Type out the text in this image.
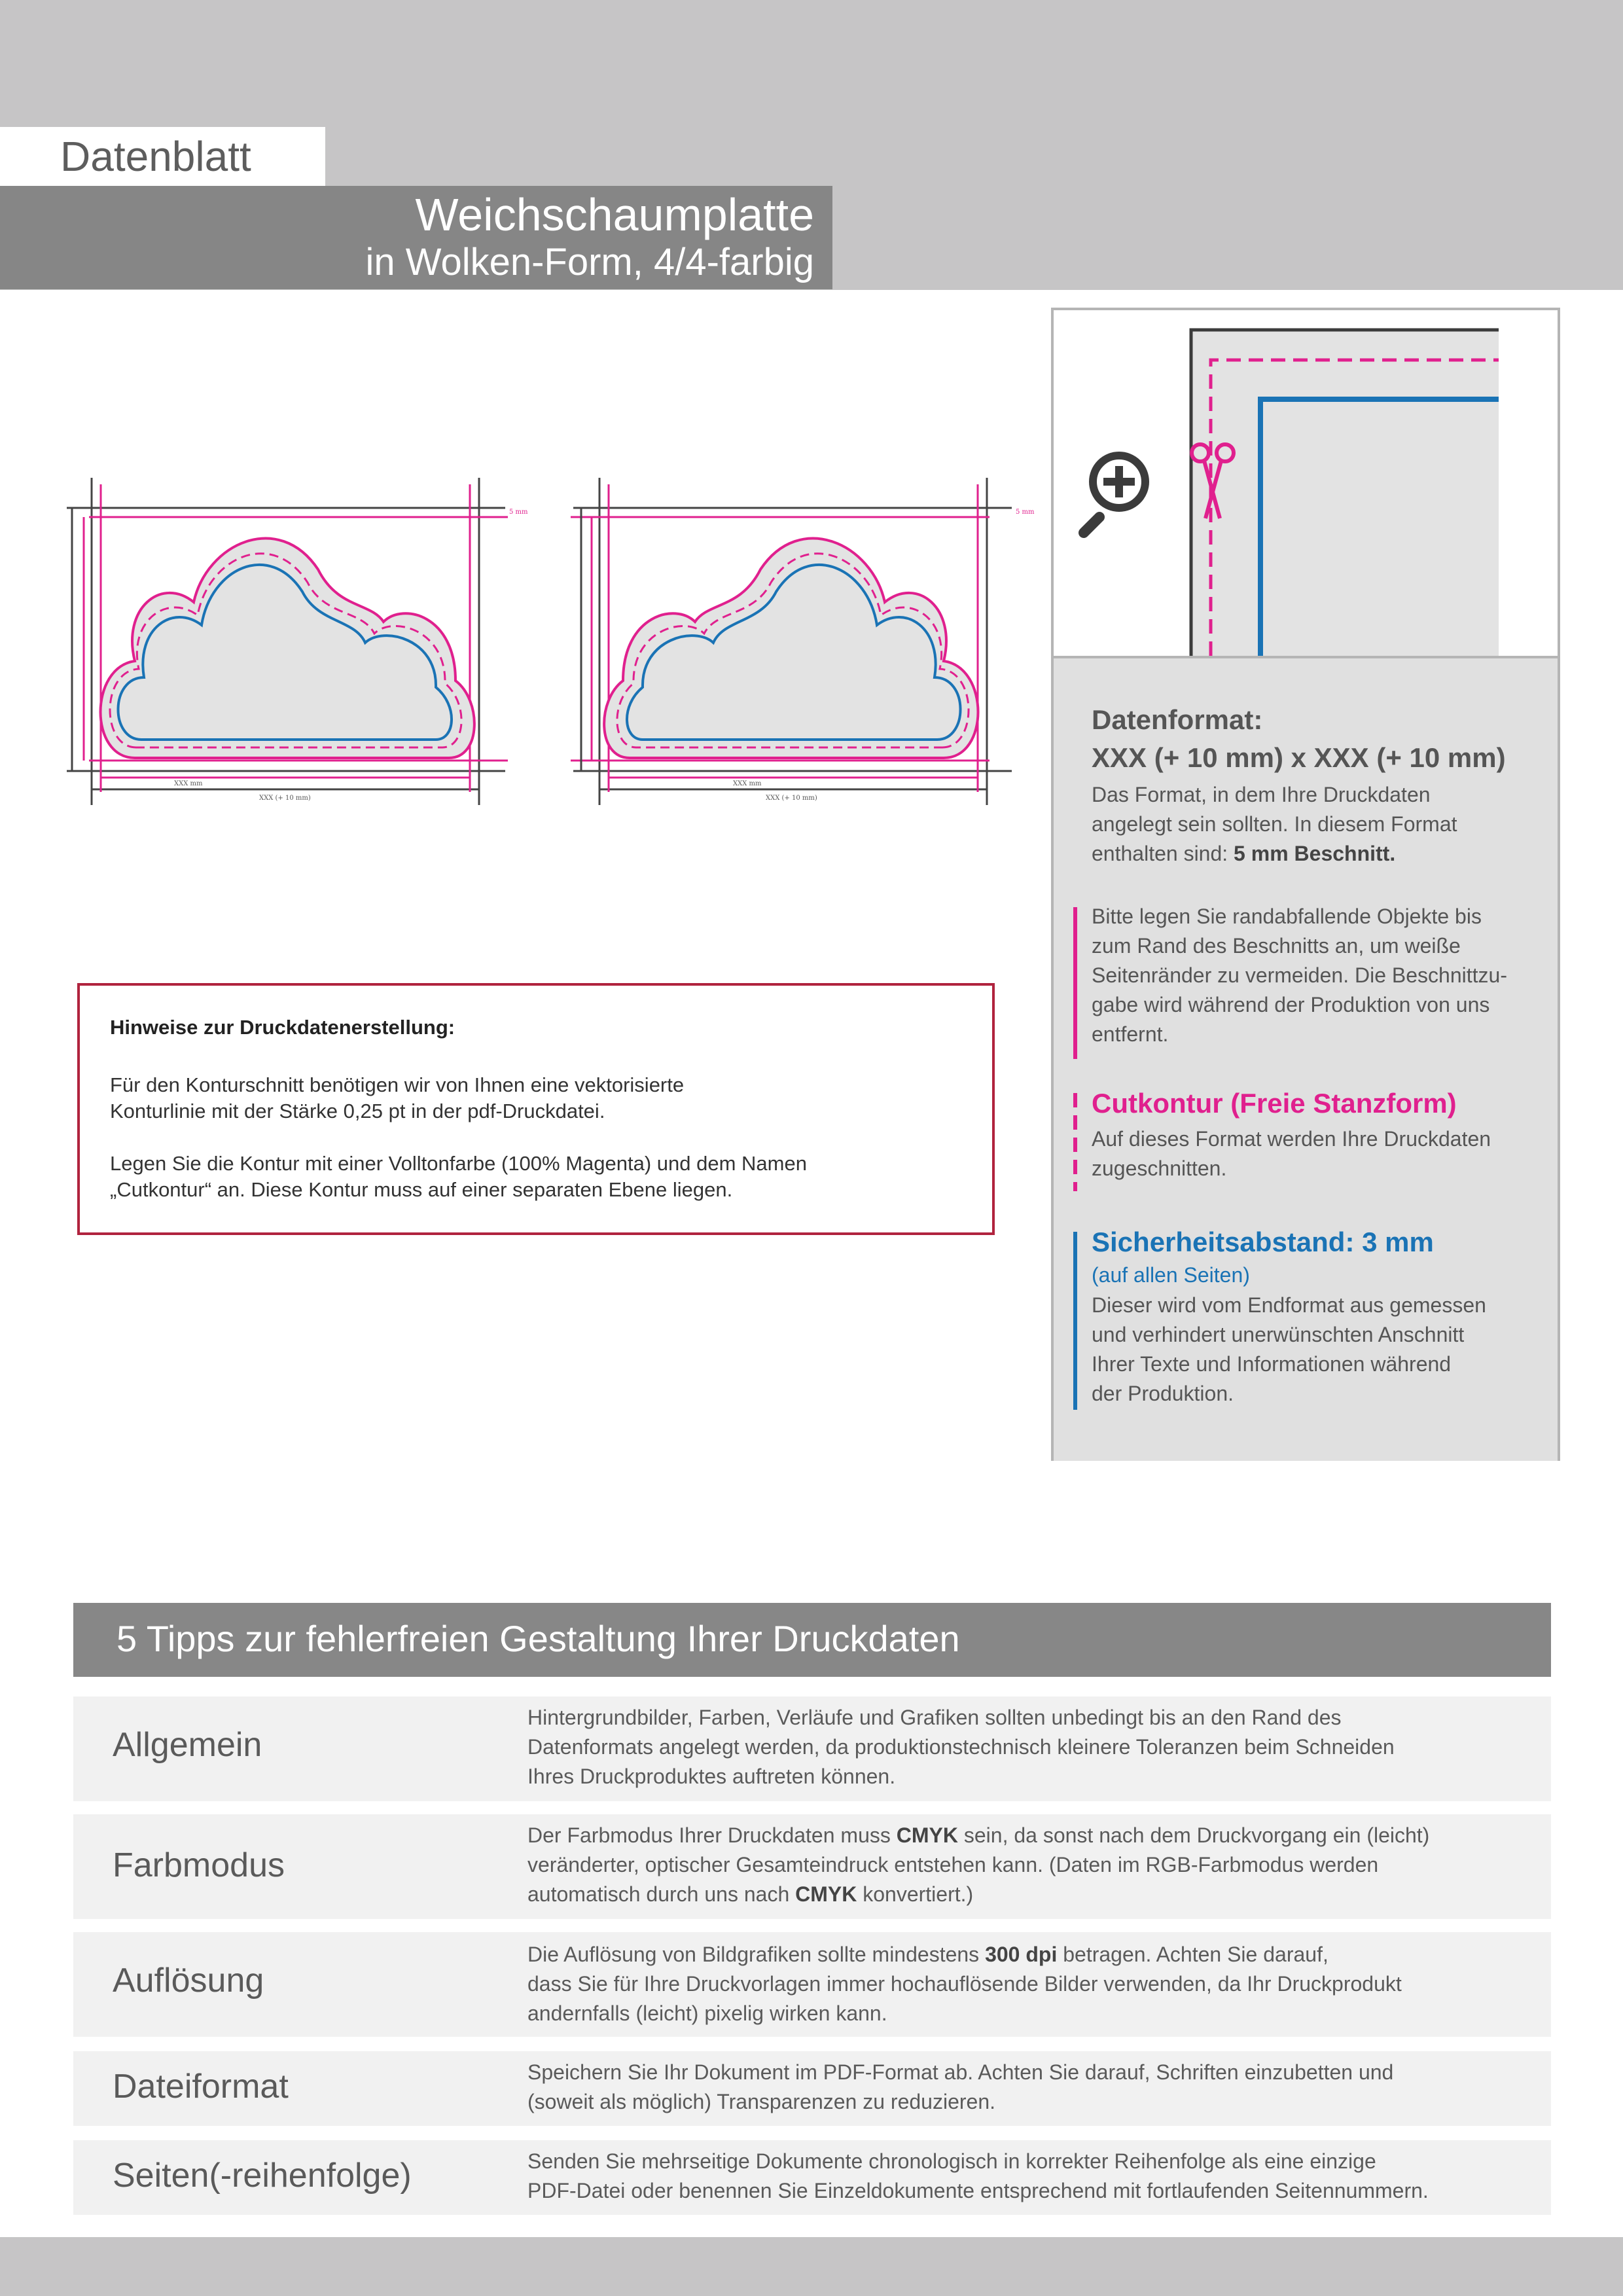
Datenblatt
Weichschaumplatte
in Wolken-Form, 4/4-farbig
XXX mm
XXX (+ 10 mm)
5 mm
XXX mm
XXX (+ 10 mm)
5 mm
Hinweise zur Druckdatenerstellung:
Für den Konturschnitt benötigen wir von Ihnen eine vektorisierte
Konturlinie mit der Stärke 0,25 pt in der pdf-Druckdatei.
Legen Sie die Kontur mit einer Volltonfarbe (100% Magenta) und dem Namen
„Cutkontur“ an. Diese Kontur muss auf einer separaten Ebene liegen.
Datenformat:
XXX (+ 10 mm) x XXX (+ 10 mm)
Das Format, in dem Ihre Druckdaten
angelegt sein sollten. In diesem Format
enthalten sind: 5 mm Beschnitt.
Bitte legen Sie randabfallende Objekte bis
zum Rand des Beschnitts an, um weiße
Seitenränder zu vermeiden. Die Beschnittzu-
gabe wird während der Produktion von uns
entfernt.
Cutkontur (Freie Stanzform)
Auf dieses Format werden Ihre Druckdaten
zugeschnitten.
Sicherheitsabstand: 3 mm
(auf allen Seiten)
Dieser wird vom Endformat aus gemessen
und verhindert unerwünschten Anschnitt
Ihrer Texte und Informationen während
der Produktion.
5 Tipps zur fehlerfreien Gestaltung Ihrer Druckdaten
Allgemein
Hintergrundbilder, Farben, Verläufe und Grafiken sollten unbedingt bis an den Rand des
Datenformats angelegt werden, da produktionstechnisch kleinere Toleranzen beim Schneiden
Ihres Druckproduktes auftreten können.
Farbmodus
Der Farbmodus Ihrer Druckdaten muss CMYK sein, da sonst nach dem Druckvorgang ein (leicht)
veränderter, optischer Gesamteindruck entstehen kann. (Daten im RGB-Farbmodus werden
automatisch durch uns nach CMYK konvertiert.)
Auflösung
Die Auflösung von Bildgrafiken sollte mindestens 300 dpi betragen. Achten Sie darauf,
dass Sie für Ihre Druckvorlagen immer hochauflösende Bilder verwenden, da Ihr Druckprodukt
andernfalls (leicht) pixelig wirken kann.
Dateiformat	Speichern Sie Ihr Dokument im PDF-Format ab. Achten Sie darauf, Schriften einzubetten und
(soweit als möglich) Transparenzen zu reduzieren.
Seiten(-reihenfolge)	Senden Sie mehrseitige Dokumente chronologisch in korrekter Reihenfolge als eine einzige
PDF-Datei oder benennen Sie Einzeldokumente entsprechend mit fortlaufenden Seitennummern.
